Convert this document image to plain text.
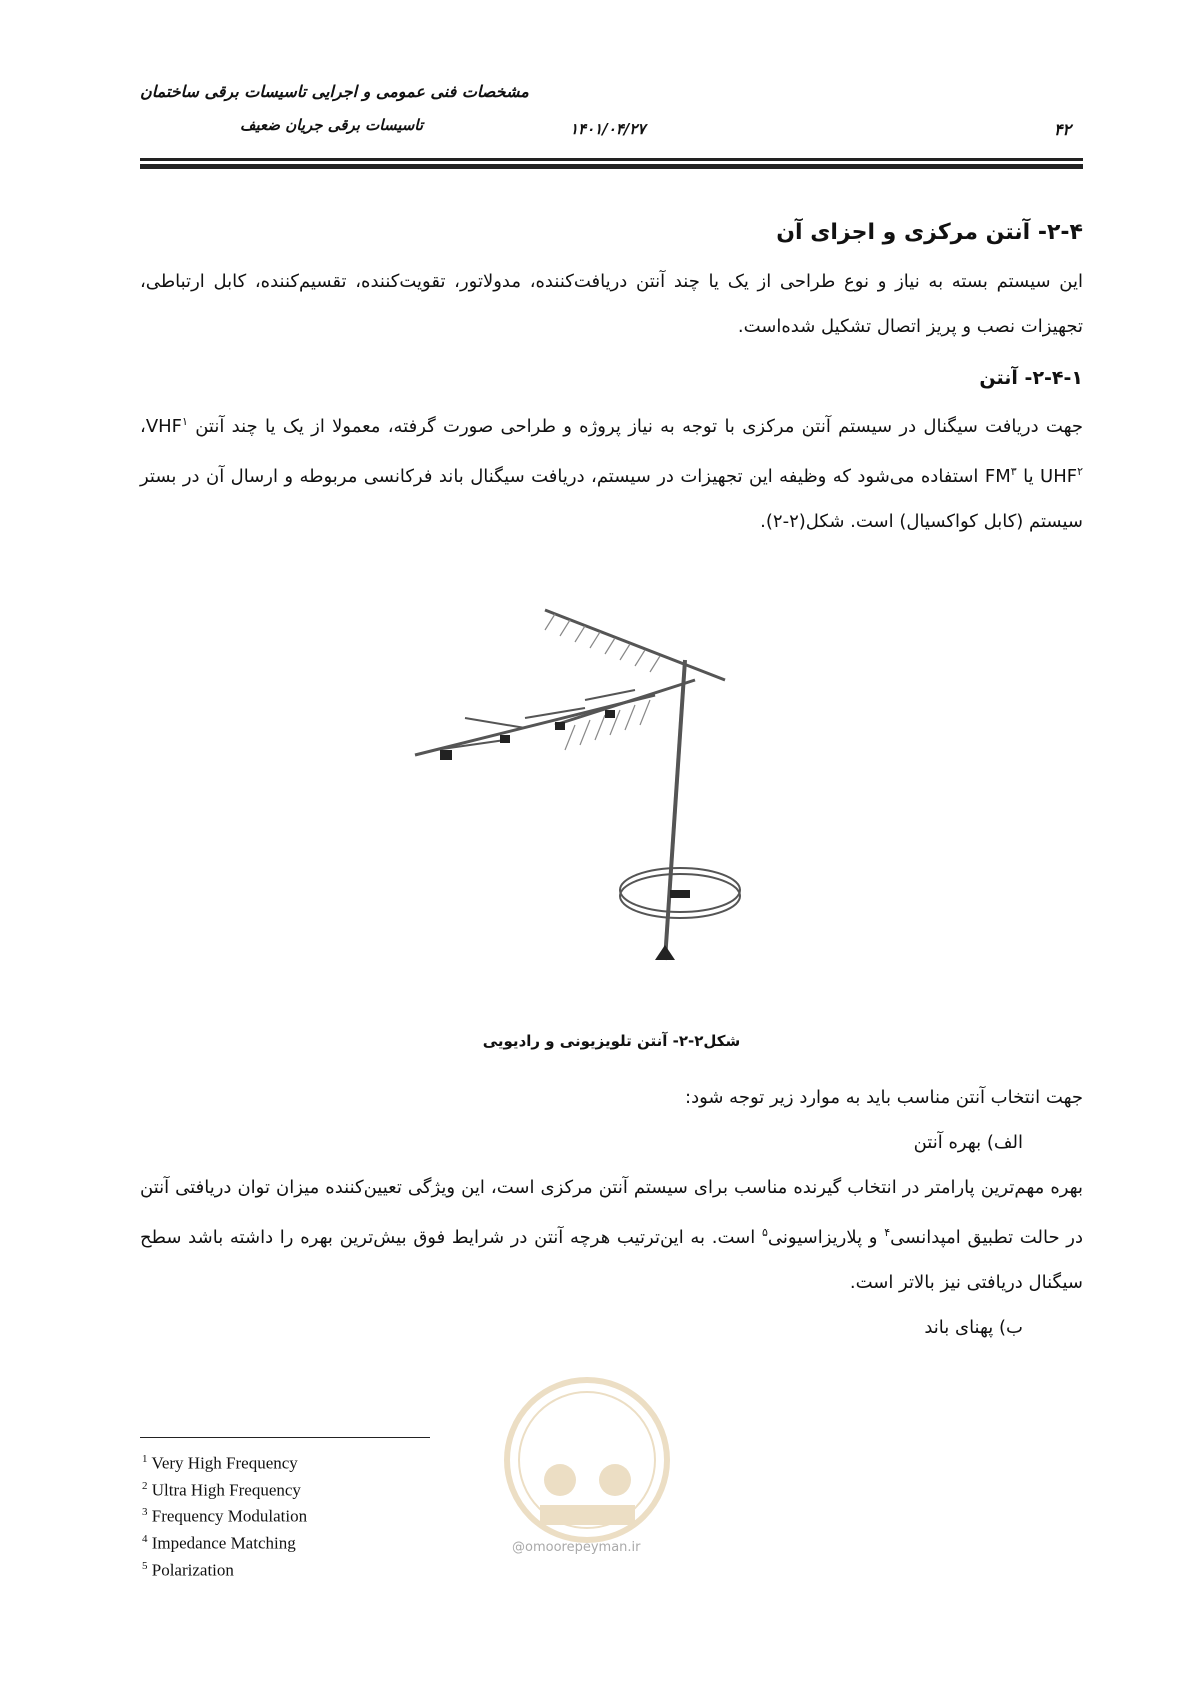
مشخصات فنی عمومی و اجرایی تاسیسات برقی ساختمان
تاسیسات برقی جریان ضعیف	۱۴۰۱/۰۴/۲۷	۴۲
۲-۴- آنتن مرکزی و اجزای آن

این سیستم بسته به نیاز و نوع طراحی از یک یا چند آنتن دریافت‌کننده، مدولاتور، تقویت‌کننده، تقسیم‌کننده، کابل ارتباطی، تجهیزات نصب و پریز اتصال تشکیل شده‌است.

۲-۴-۱- آنتن

جهت دریافت سیگنال در سیستم آنتن مرکزی با توجه به نیاز پروژه و طراحی صورت گرفته، معمولا از یک یا چند آنتن VHF$^۱$، UHF$^۲$ یا $FM^۳$ استفاده می‌شود که وظیفه این تجهیزات در سیستم، دریافت سیگنال باند فرکانسی مربوطه و ارسال آن در بستر سیستم (کابل کواکسیال) است. شکل(۲-۲).

شکل۲-۲- آنتن تلویزیونی و رادیویی

جهت انتخاب آنتن مناسب باید به موارد زیر توجه شود:

الف) بهره آنتن

بهره مهم‌ترین پارامتر در انتخاب گیرنده مناسب برای سیستم آنتن مرکزی است، این ویژگی تعیین‌کننده میزان توان دریافتی آنتن در حالت تطبیق امپدانسی$^۴$ و پلاریزاسیونی$^۵$ است. به این‌ترتیب هرچه آنتن در شرایط فوق بیش‌ترین بهره را داشته باشد سطح سیگنال دریافتی نیز بالاتر است.

ب) پهنای باند

@omoorepeyman.ir
$^1$ Very High Frequency
$^2$ Ultra High Frequency
$^3$ Frequency Modulation
$^4$ Impedance Matching
$^5$ Polarization
